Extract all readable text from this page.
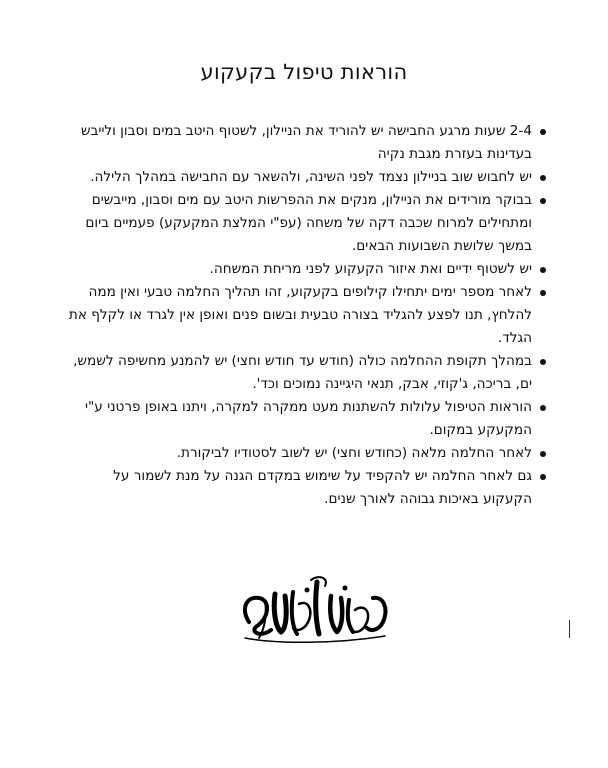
הוראות טיפול בקעקוע
2-4 שעות מרגע החבישה יש להוריד את הניילון, לשטוף היטב במים וסבון ולייבש בעדינות בעזרת מגבת נקיה
יש לחבוש שוב בניילון נצמד לפני השינה, ולהשאר עם החבישה במהלך הלילה.
בבוקר מורידים את הניילון, מנקים את ההפרשות היטב עם מים וסבון, מייבשים ומתחילים למרוח שכבה דקה של משחה (עפ"י המלצת המקעקע) פעמיים ביום במשך שלושת השבועות הבאים.
יש לשטוף ידיים ואת איזור הקעקוע לפני מריחת המשחה.
לאחר מספר ימים יתחילו קילופים בקעקוע, זהו תהליך החלמה טבעי ואין ממה להלחץ, תנו לפצע להגליד בצורה טבעית ובשום פנים ואופן אין לגרד או לקלף את הגלד.
במהלך תקופת ההחלמה כולה (חודש עד חודש וחצי) יש להמנע מחשיפה לשמש, ים, בריכה, ג'קוזי, אבק, תנאי היגיינה נמוכים וכד'.
הוראות הטיפול עלולות להשתנות מעט ממקרה למקרה, ויתנו באופן פרטני ע"י המקעקע במקום.
לאחר החלמה מלאה (כחודש וחצי) יש לשוב לסטודיו לביקורת.
גם לאחר החלמה יש להקפיד על שימוש במקדם הגנה על מנת לשמור על הקעקוע באיכות גבוהה לאורך שנים.
